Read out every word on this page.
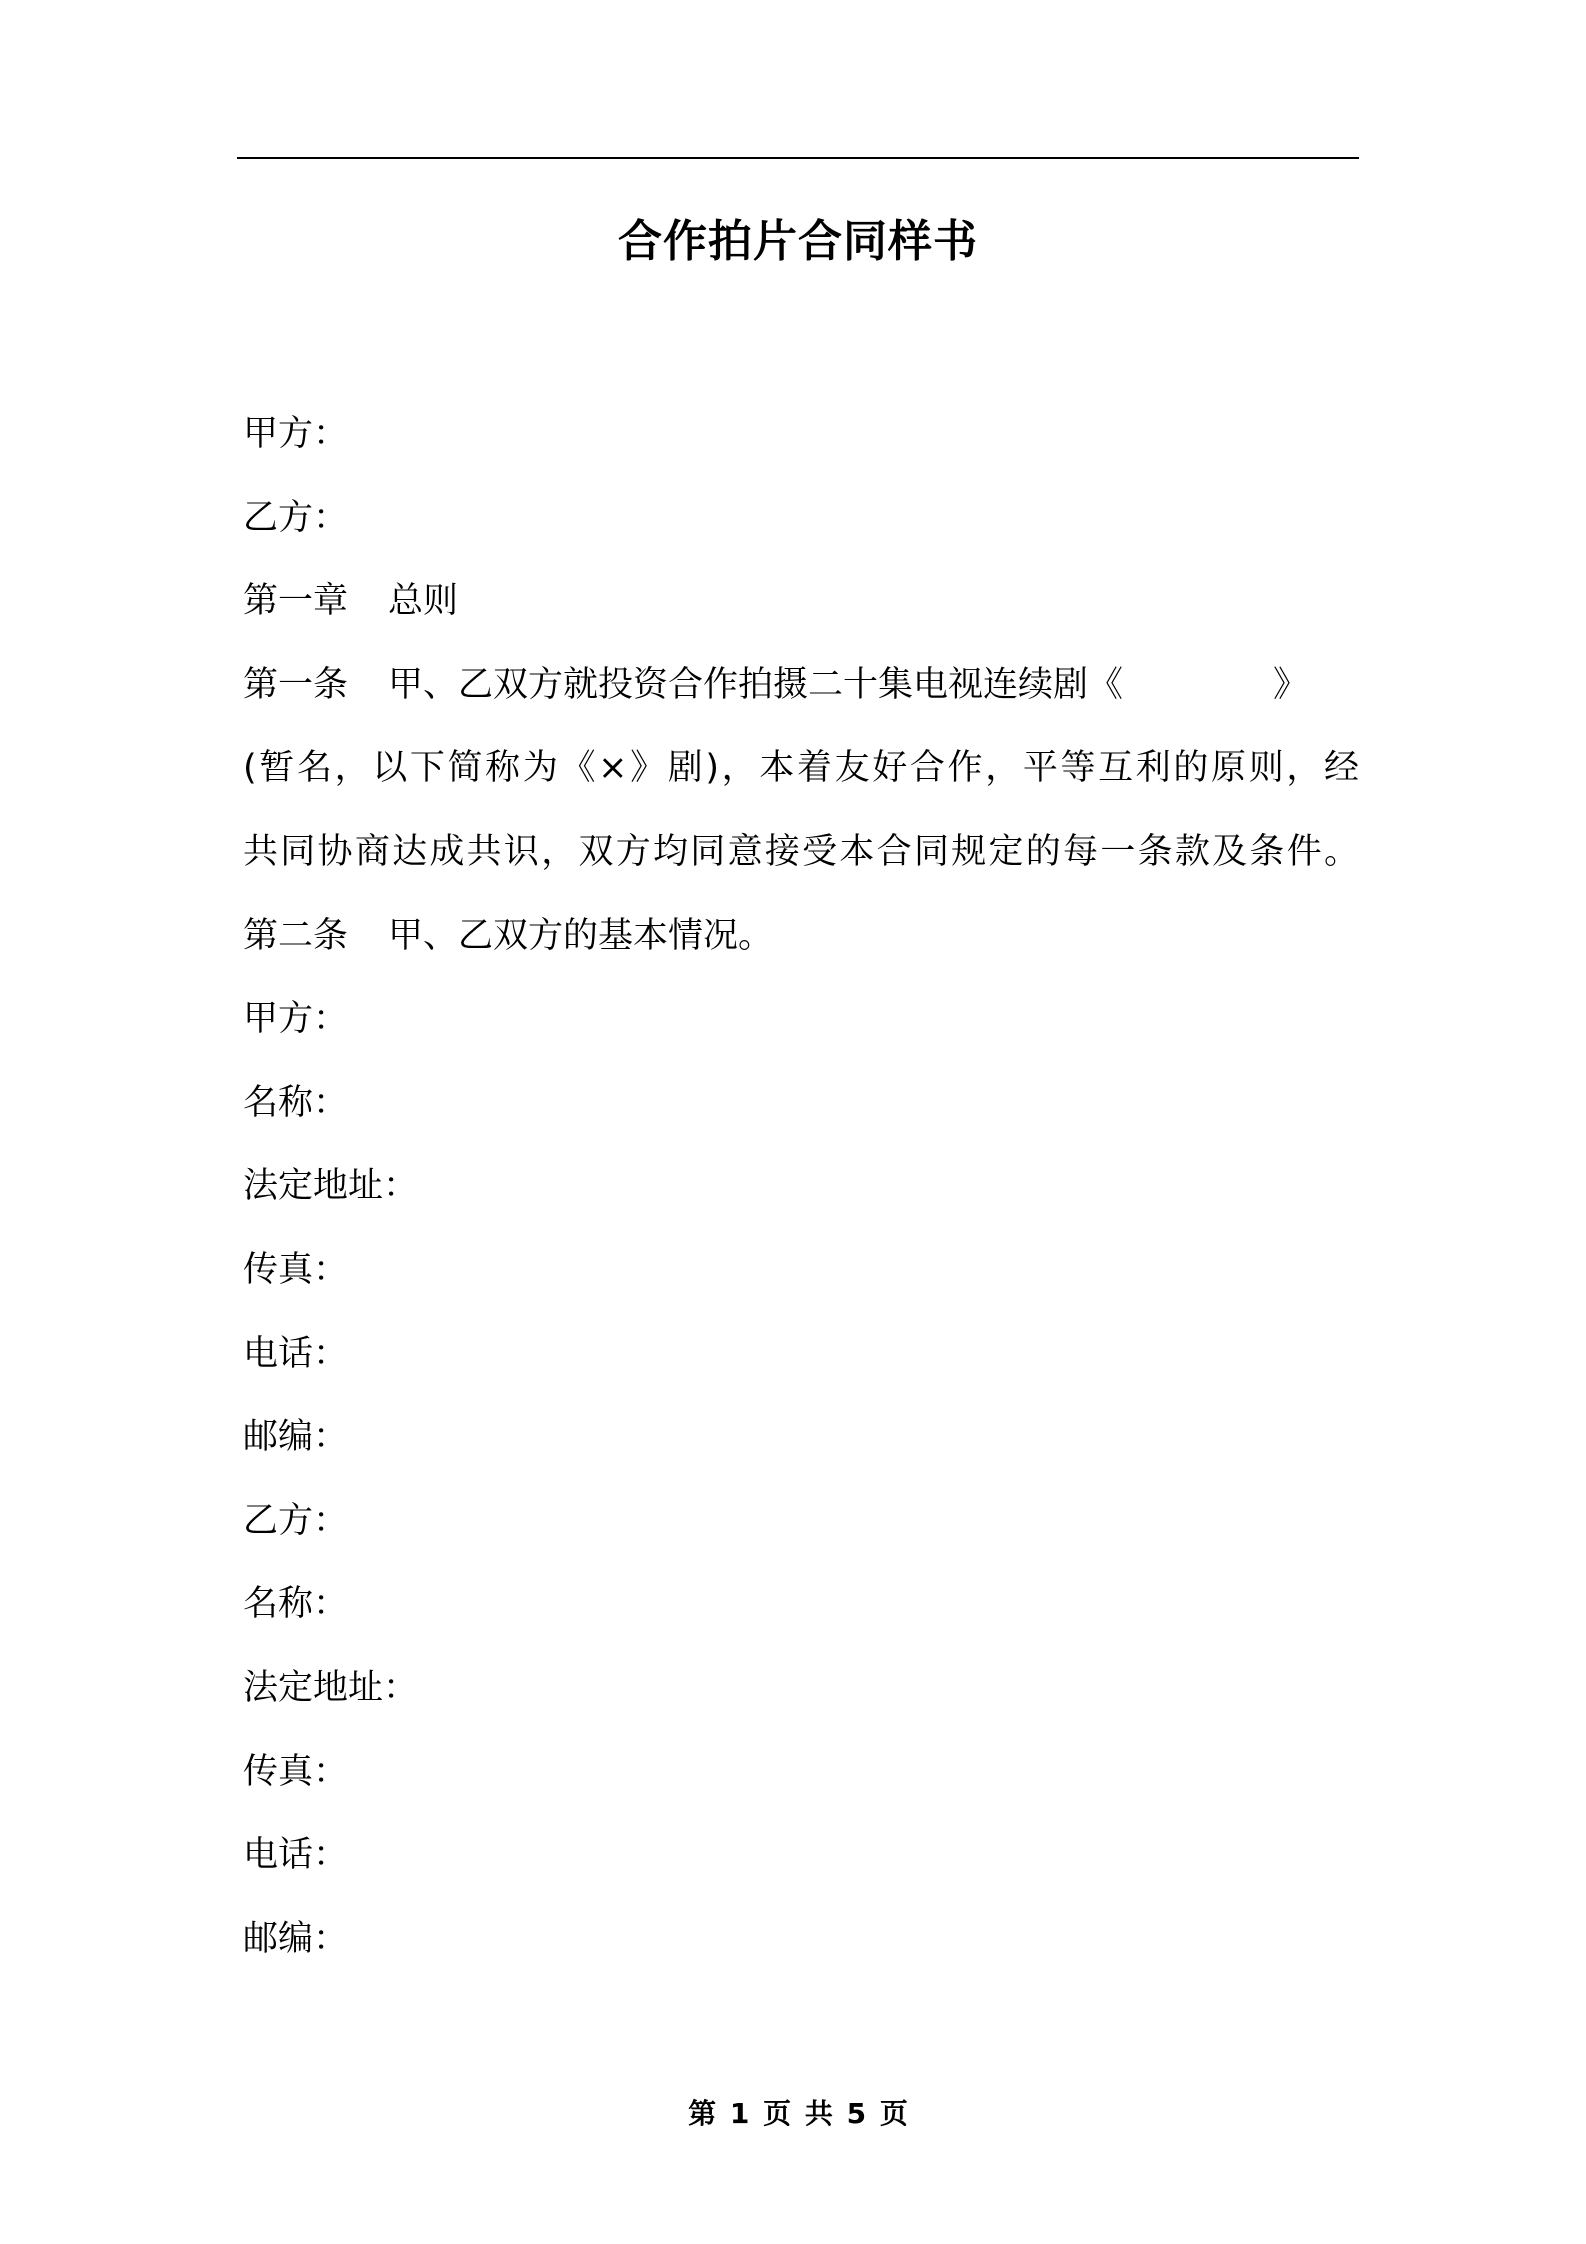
合作拍片合同样书
甲方：
乙方：
第一章 总则
第一条 甲、乙双方就投资合作拍摄二十集电视连续剧《	》
(暂名，以下简称为《×》剧)，本着友好合作，平等互利的原则，经
共同协商达成共识，双方均同意接受本合同规定的每一条款及条件。
第二条 甲、乙双方的基本情况。
甲方：
名称：
法定地址：
传真：
电话：
邮编：
乙方：
名称：
法定地址：
传真：
电话：
邮编：
第 1 页 共 5 页
